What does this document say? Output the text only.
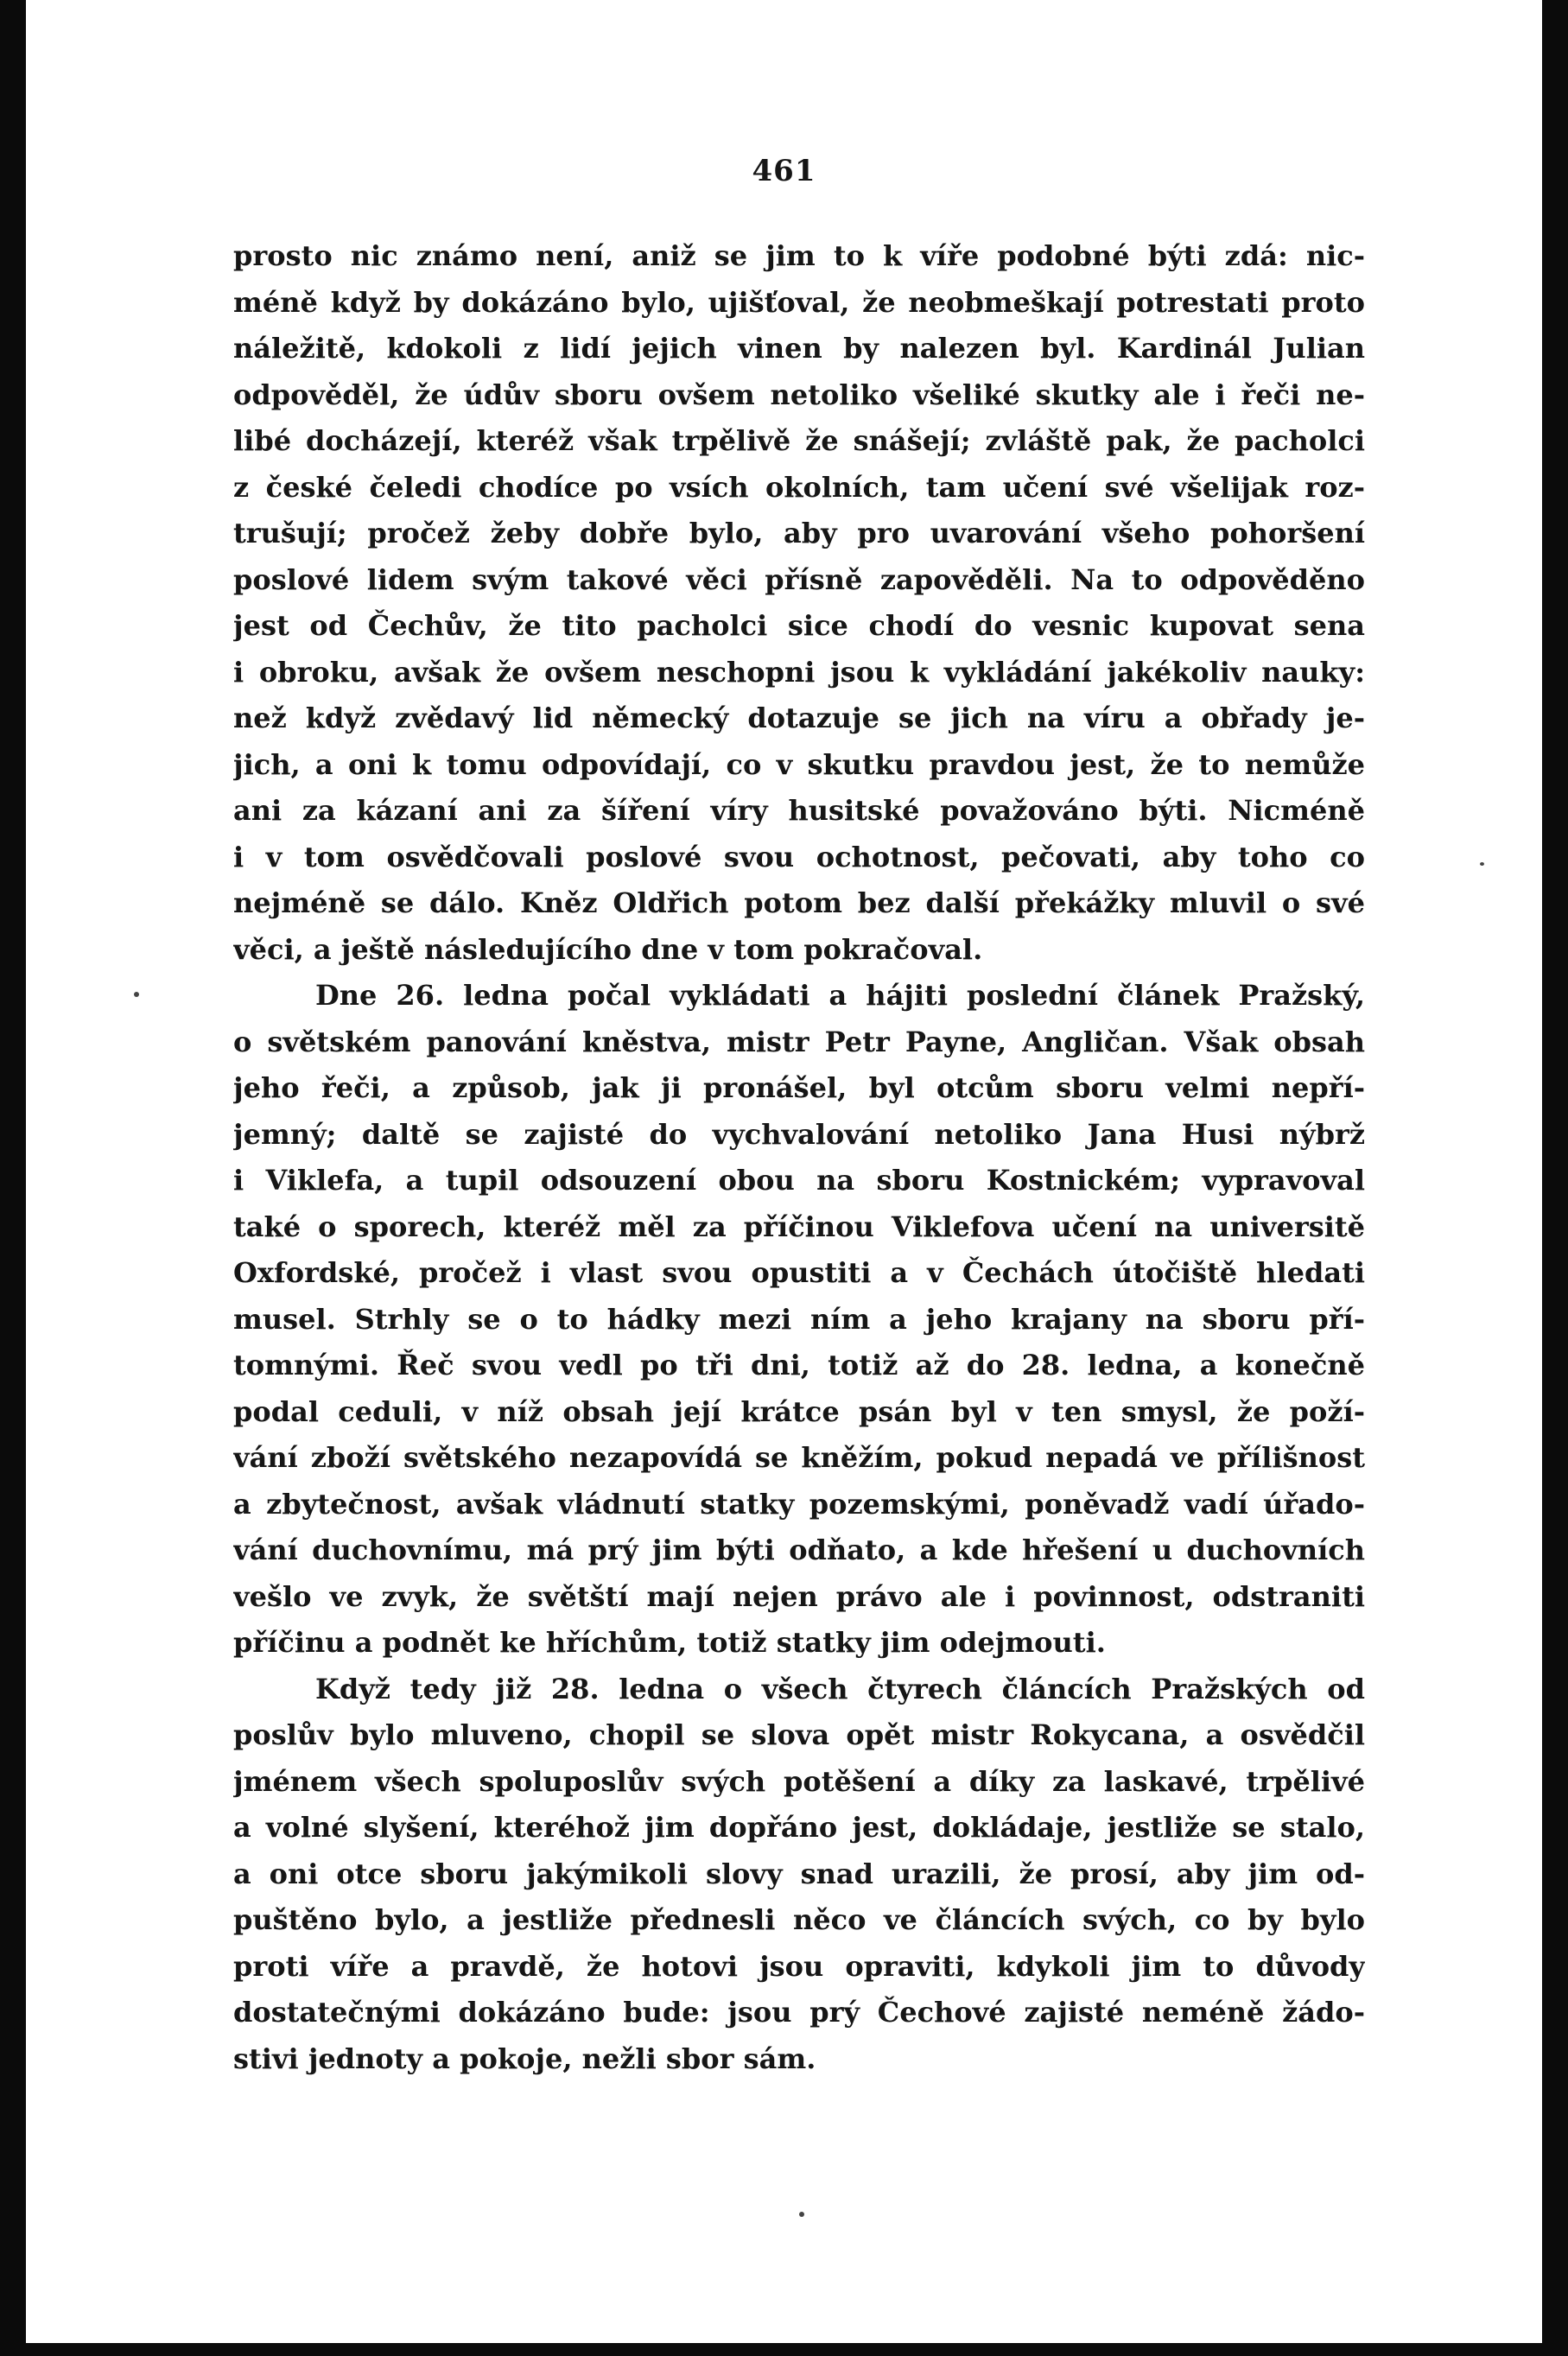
461
prosto nic známo není, aniž se jim to k víře podobné býti zdá: nic-
méně když by dokázáno bylo, ujišťoval, že neobmeškají potrestati proto
náležitě, kdokoli z lidí jejich vinen by nalezen byl. Kardinál Julian
odpověděl, že údův sboru ovšem netoliko všeliké skutky ale i řeči ne-
libé docházejí, kteréž však trpělivě že snášejí; zvláště pak, že pacholci
z české čeledi chodíce po vsích okolních, tam učení své všelijak roz-
trušují; pročež žeby dobře bylo, aby pro uvarování všeho pohoršení
poslové lidem svým takové věci přísně zapověděli. Na to odpověděno
jest od Čechův, že tito pacholci sice chodí do vesnic kupovat sena
i obroku, avšak že ovšem neschopni jsou k vykládání jakékoliv nauky:
než když zvědavý lid německý dotazuje se jich na víru a obřady je-
jich, a oni k tomu odpovídají, co v skutku pravdou jest, že to nemůže
ani za kázaní ani za šíření víry husitské považováno býti. Nicméně
i v tom osvědčovali poslové svou ochotnost, pečovati, aby toho co
nejméně se dálo. Kněz Oldřich potom bez další překážky mluvil o své
věci, a ještě následujícího dne v tom pokračoval.
Dne 26. ledna počal vykládati a hájiti poslední článek Pražský,
o světském panování kněstva, mistr Petr Payne, Angličan. Však obsah
jeho řeči, a způsob, jak ji pronášel, byl otcům sboru velmi nepří-
jemný; daltě se zajisté do vychvalování netoliko Jana Husi nýbrž
i Viklefa, a tupil odsouzení obou na sboru Kostnickém; vypravoval
také o sporech, kteréž měl za příčinou Viklefova učení na universitě
Oxfordské, pročež i vlast svou opustiti a v Čechách útočiště hledati
musel. Strhly se o to hádky mezi ním a jeho krajany na sboru pří-
tomnými. Řeč svou vedl po tři dni, totiž až do 28. ledna, a konečně
podal ceduli, v níž obsah její krátce psán byl v ten smysl, že poží-
vání zboží světského nezapovídá se kněžím, pokud nepadá ve přílišnost
a zbytečnost, avšak vládnutí statky pozemskými, poněvadž vadí úřado-
vání duchovnímu, má prý jim býti odňato, a kde hřešení u duchovních
vešlo ve zvyk, že světští mají nejen právo ale i povinnost, odstraniti
příčinu a podnět ke hříchům, totiž statky jim odejmouti.
Když tedy již 28. ledna o všech čtyrech článcích Pražských od
poslův bylo mluveno, chopil se slova opět mistr Rokycana, a osvědčil
jménem všech spoluposlův svých potěšení a díky za laskavé, trpělivé
a volné slyšení, kteréhož jim dopřáno jest, dokládaje, jestliže se stalo,
a oni otce sboru jakýmikoli slovy snad urazili, že prosí, aby jim od-
puštěno bylo, a jestliže přednesli něco ve článcích svých, co by bylo
proti víře a pravdě, že hotovi jsou opraviti, kdykoli jim to důvody
dostatečnými dokázáno bude: jsou prý Čechové zajisté neméně žádo-
stivi jednoty a pokoje, nežli sbor sám.
